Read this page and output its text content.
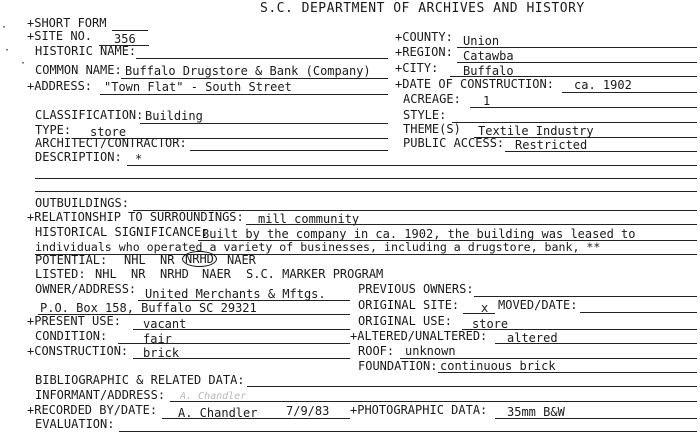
·
·
·
S.C. DEPARTMENT OF ARCHIVES AND HISTORY
+SHORT FORM
+SITE NO. 356	+COUNTY: Union
HISTORIC NAME:	+REGION: Catawba
COMMON NAME: Buffalo Drugstore & Bank (Company) +CITY: Buffalo
+ADDRESS: "Town Flat" - South Street	+DATE OF CONSTRUCTION: ca. 1902
ACREAGE: 1
CLASSIFICATION: Building	STYLE:
TYPE: store	THEME(S) Textile Industry
ARCHITECT/CONTRACTOR:	PUBLIC ACCESS: Restricted
DESCRIPTION: *
OUTBUILDINGS:
+RELATIONSHIP TO SURROUNDINGS: mill community
HISTORICAL SIGNIFICANCE:
Built by the company in ca. 1902, the building was leased to
individuals who operated a variety of businesses, including a drugstore, bank, **
POTENTIAL: NHL NR NRHD NAER
LISTED: NHL NR NRHD NAER S.C. MARKER PROGRAM
OWNER/ADDRESS: United Merchants & Mftgs.
P.O. Box 158, Buffalo SC 29321
PREVIOUS OWNERS:
ORIGINAL SITE: x MOVED/DATE:
+PRESENT USE: vacant	ORIGINAL USE: store
CONDITION:	fair	+ALTERED/UNALTERED: altered
+CONSTRUCTION: brick	ROOF: unknown
FOUNDATION: continuous brick
BIBLIOGRAPHIC & RELATED DATA:
INFORMANT/ADDRESS: A. Chandler
+RECORDED BY/DATE: A. Chandler 7/9/83 +PHOTOGRAPHIC DATA: 35mm B&W
EVALUATION:
